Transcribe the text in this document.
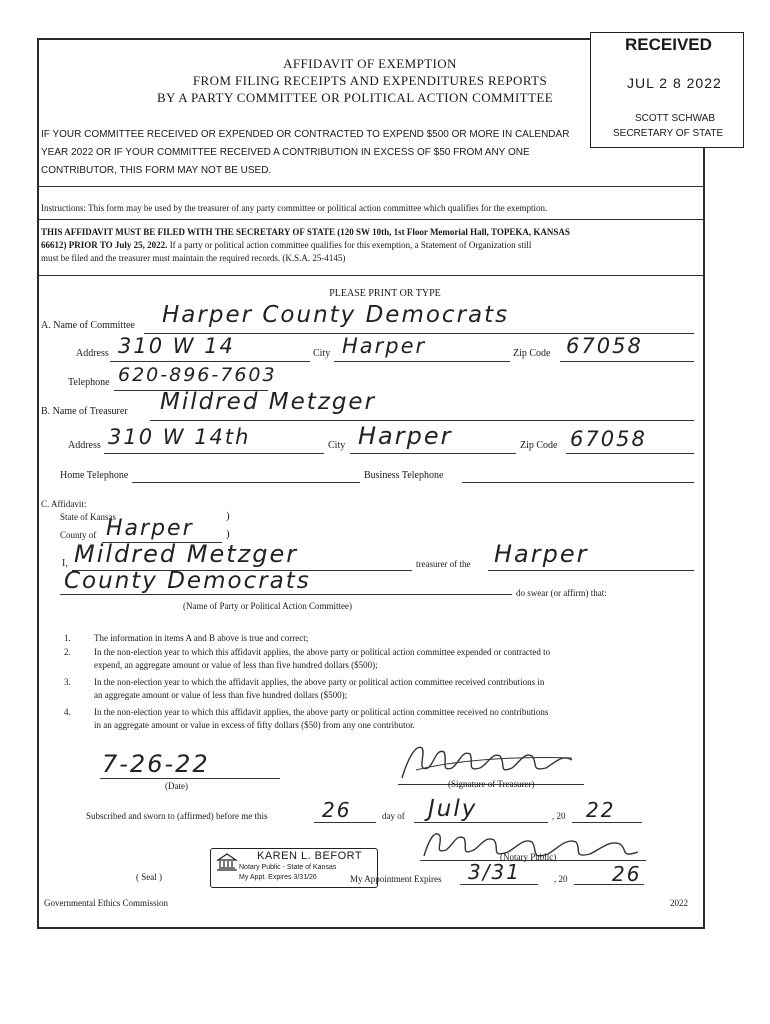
AFFIDAVIT OF EXEMPTION
FROM FILING RECEIPTS AND EXPENDITURES REPORTS
BY A PARTY COMMITTEE OR POLITICAL ACTION COMMITTEE
RECEIVED
JUL 2 8 2022
SCOTT SCHWAB
SECRETARY OF STATE
IF YOUR COMMITTEE RECEIVED OR EXPENDED OR CONTRACTED TO EXPEND $500 OR MORE IN CALENDAR
YEAR 2022 OR IF YOUR COMMITTEE RECEIVED A CONTRIBUTION IN EXCESS OF $50 FROM ANY ONE
CONTRIBUTOR, THIS FORM MAY NOT BE USED.
Instructions: This form may be used by the treasurer of any party committee or political action committee which qualifies for the exemption.
THIS AFFIDAVIT MUST BE FILED WITH THE SECRETARY OF STATE (120 SW 10th, 1st Floor Memorial Hall, TOPEKA, KANSAS
66612) PRIOR TO July 25, 2022. If a party or political action committee qualifies for this exemption, a Statement of Organization still
must be filed and the treasurer must maintain the required records. (K.S.A. 25-4145)
PLEASE PRINT OR TYPE
A. Name of Committee Harper County Democrats
Address 310 W 14	City Harper	Zip Code 67058
Telephone 620-896-7603
B. Name of Treasurer Mildred Metzger
Address 310 W 14th	City Harper	Zip Code 67058
Home Telephone	Business Telephone
C. Affidavit:
State of Kansas	)
County of Harper	)
I, Mildred Metzger	treasurer of the Harper
County Democrats	do swear (or affirm) that:
(Name of Party or Political Action Committee)
1.	The information in items A and B above is true and correct;
2.	In the non-election year to which this affidavit applies, the above party or political action committee expended or contracted to
expend, an aggregate amount or value of less than five hundred dollars ($500);
3.	In the non-election year to which the affidavit applies, the above party or political action committee received contributions in
an aggregate amount or value of less than five hundred dollars ($500);
4.	In the non-election year to which this affidavit applies, the above party or political action committee received no contributions
in an aggregate amount or value in excess of fifty dollars ($50) from any one contributor.
7-26-22
(Date)	(Signature of Treasurer)
Subscribed and sworn to (affirmed) before me this	26	day of July	, 20 22
(Notary Public)
( Seal )
KAREN L. BEFORT
Notary Public - State of Kansas
My Appt. Expires 3/31/26	My Appointment Expires 3/31	, 20 26
Governmental Ethics Commission	2022
